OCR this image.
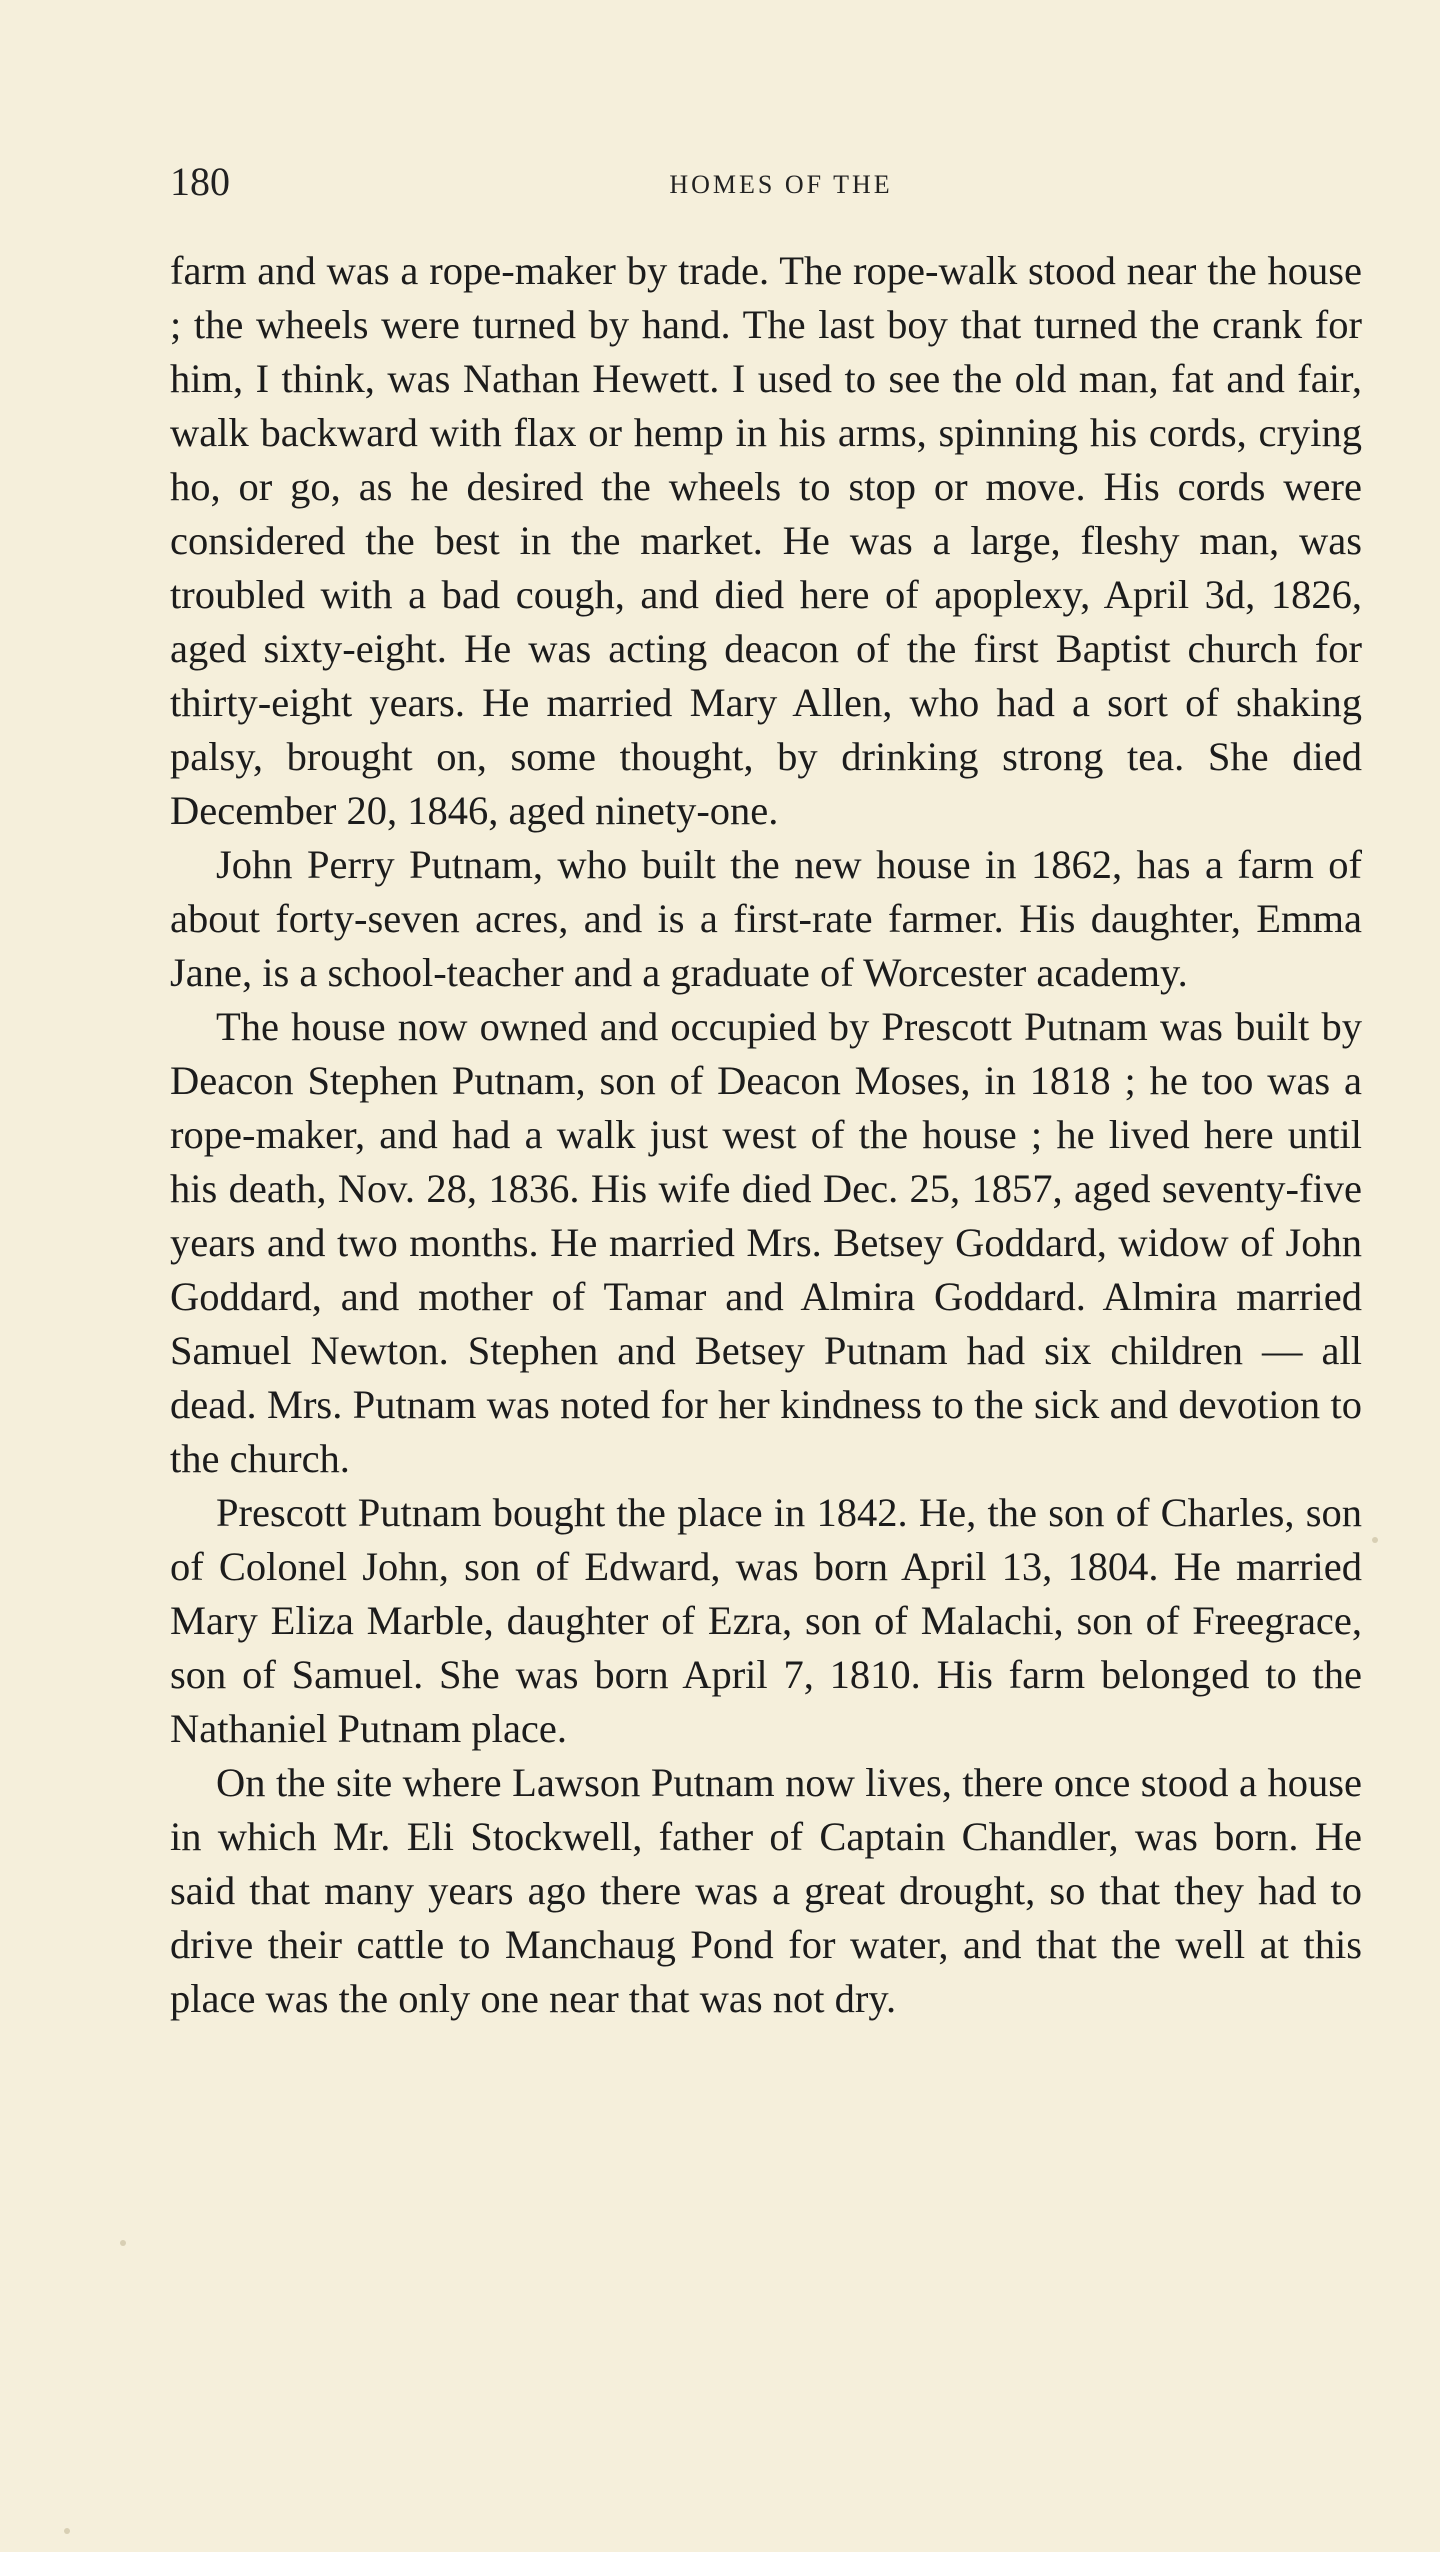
180	HOMES OF THE

farm and was a rope-maker by trade. The rope-walk stood near the house ; the wheels were turned by hand. The last boy that turned the crank for him, I think, was Nathan Hewett. I used to see the old man, fat and fair, walk backward with flax or hemp in his arms, spinning his cords, crying ho, or go, as he desired the wheels to stop or move. His cords were considered the best in the market. He was a large, fleshy man, was troubled with a bad cough, and died here of apoplexy, April 3d, 1826, aged sixty-eight. He was acting deacon of the first Baptist church for thirty-eight years. He married Mary Allen, who had a sort of shaking palsy, brought on, some thought, by drinking strong tea. She died December 20, 1846, aged ninety-one.

John Perry Putnam, who built the new house in 1862, has a farm of about forty-seven acres, and is a first-rate farmer. His daughter, Emma Jane, is a school-teacher and a graduate of Worcester academy.

The house now owned and occupied by Prescott Putnam was built by Deacon Stephen Putnam, son of Deacon Moses, in 1818 ; he too was a rope-maker, and had a walk just west of the house ; he lived here until his death, Nov. 28, 1836. His wife died Dec. 25, 1857, aged seventy-five years and two months. He married Mrs. Betsey Goddard, widow of John Goddard, and mother of Tamar and Almira Goddard. Almira married Samuel Newton. Stephen and Betsey Putnam had six children — all dead. Mrs. Putnam was noted for her kindness to the sick and devotion to the church.

Prescott Putnam bought the place in 1842. He, the son of Charles, son of Colonel John, son of Edward, was born April 13, 1804. He married Mary Eliza Marble, daughter of Ezra, son of Malachi, son of Freegrace, son of Samuel. She was born April 7, 1810. His farm belonged to the Nathaniel Putnam place.

On the site where Lawson Putnam now lives, there once stood a house in which Mr. Eli Stockwell, father of Captain Chandler, was born. He said that many years ago there was a great drought, so that they had to drive their cattle to Manchaug Pond for water, and that the well at this place was the only one near that was not dry.
